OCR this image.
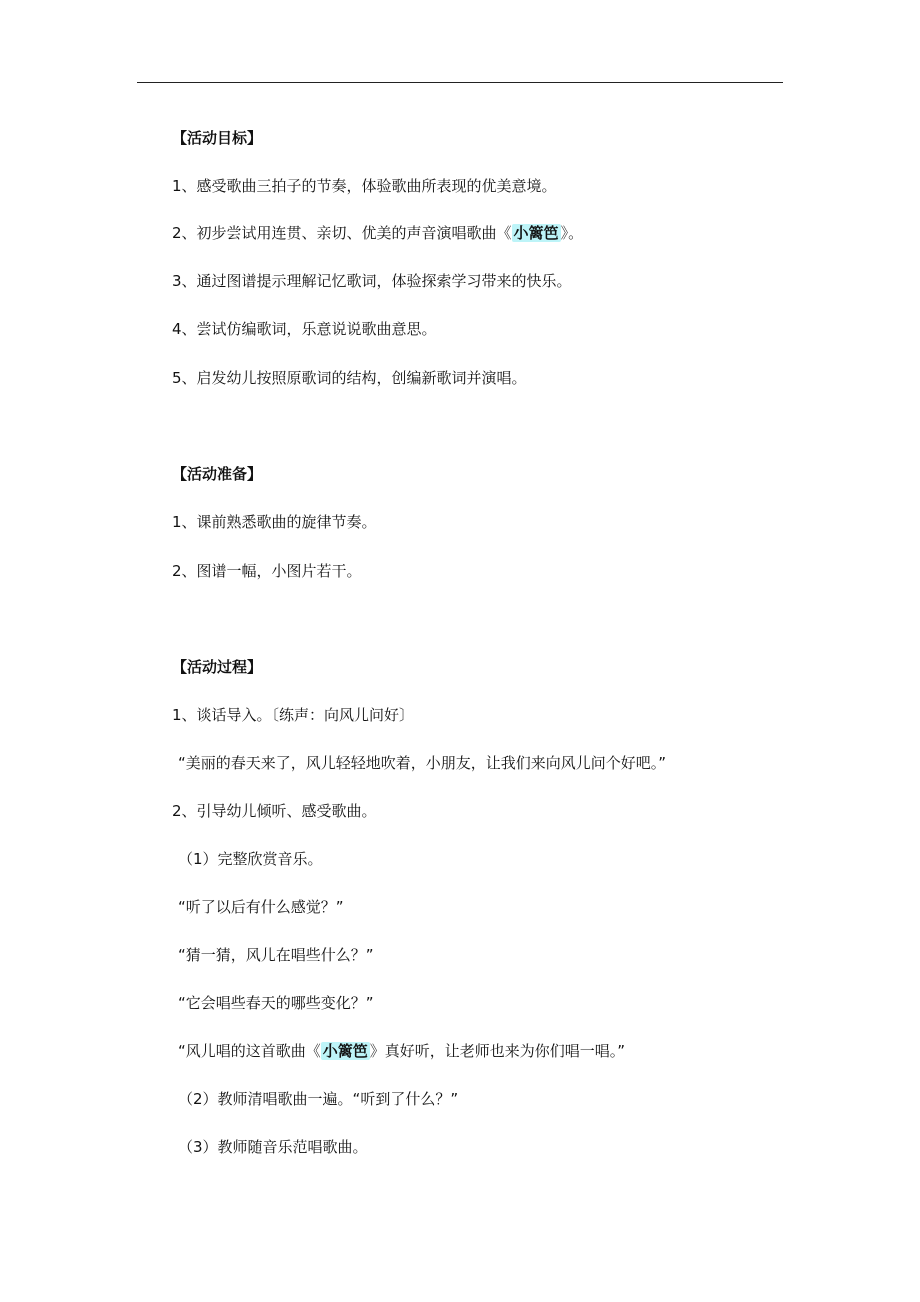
【活动目标】
1、感受歌曲三拍子的节奏，体验歌曲所表现的优美意境。
2、初步尝试用连贯、亲切、优美的声音演唱歌曲《 小篱笆 》。
3、通过图谱提示理解记忆歌词，体验探索学习带来的快乐。
4、尝试仿编歌词，乐意说说歌曲意思。
5、启发幼儿按照原歌词的结构，创编新歌词并演唱。
【活动准备】
1、课前熟悉歌曲的旋律节奏。
2、图谱一幅，小图片若干。
【活动过程】
1、谈话导入。〔练声：向风儿问好〕
“美丽的春天来了，风儿轻轻地吹着，小朋友，让我们来向风儿问个好吧。”
2、引导幼儿倾听、感受歌曲。
（1）完整欣赏音乐。
“听了以后有什么感觉？”
“猜一猜，风儿在唱些什么？”
“它会唱些春天的哪些变化？”
“风儿唱的这首歌曲《 小篱笆 》真好听，让老师也来为你们唱一唱。”
（2）教师清唱歌曲一遍。“听到了什么？”
（3）教师随音乐范唱歌曲。
